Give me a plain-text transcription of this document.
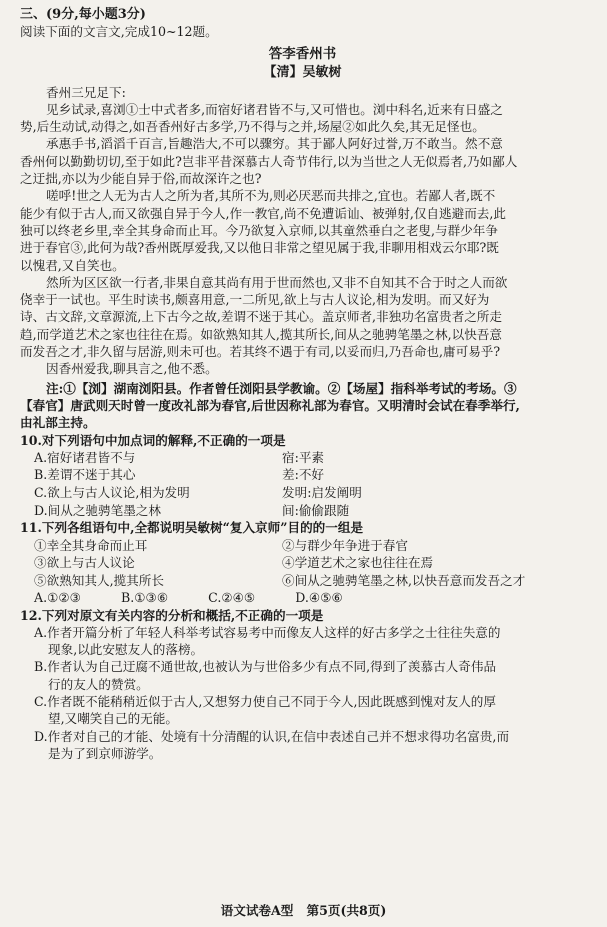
三、(9分,每小题3分)
阅读下面的文言文,完成10~12题。
答李香州书
【清】吴敏树
香州三兄足下:
见乡试录,喜浏①士中式者多,而宿好诸君皆不与,又可惜也。浏中科名,近来有日盛之
势,后生动试,动得之,如吾香州好古多学,乃不得与之并,场屋②如此久矣,其无足怪也。
承惠手书,滔滔千百言,旨趣浩大,不可以骤穷。其于鄙人阿好过誉,万不敢当。然不意
香州何以勤勤切切,至于如此?岂非平昔深慕古人奇节伟行,以为当世之人无似焉者,乃如鄙人
之迂拙,亦以为少能自异于俗,而故深许之也?
嗟呼!世之人无为古人之所为者,其所不为,则必厌恶而共排之,宜也。若鄙人者,既不
能少有似于古人,而又欲强自异于今人,作一教官,尚不免遭诟讪、被弹射,仅自逃避而去,此
独可以终老乡里,幸全其身命而止耳。今乃欲复入京师,以其童然垂白之老叟,与群少年争
进于春官③,此何为哉?香州既厚爱我,又以他日非常之望见属于我,非聊用相戏云尔耶?既
以愧君,又自笑也。
然所为区区欲一行者,非果自意其尚有用于世而然也,又非不自知其不合于时之人而欲
侥幸于一试也。平生时读书,颇喜用意,一二所见,欲上与古人议论,相为发明。而又好为
诗、古文辞,文章源流,上下古今之故,差谓不迷于其心。盖京师者,非独功名富贵者之所走
趋,而学道艺术之家也往往在焉。如欲熟知其人,揽其所长,间从之驰骋笔墨之林,以快吾意
而发吾之才,非久留与居游,则未可也。若其终不遇于有司,以妥而归,乃吾命也,庸可易乎?
因香州爱我,聊具言之,他不悉。
注:①【浏】湖南浏阳县。作者曾任浏阳县学教谕。②【场屋】指科举考试的考场。③
【春官】唐武则天时曾一度改礼部为春官,后世因称礼部为春官。又明清时会试在春季举行,
由礼部主持。
10.对下列语句中加点词的解释,不正确的一项是
A.宿好诸君皆不与	宿:平素
B.差谓不迷于其心	差:不好
C.欲上与古人议论,相为发明	发明:启发阐明
D.间从之驰骋笔墨之林	间:偷偷跟随
11.下列各组语句中,全都说明吴敏树“复入京师”目的的一组是
①幸全其身命而止耳	②与群少年争进于春官
③欲上与古人议论	④学道艺术之家也往往在焉
⑤欲熟知其人,揽其所长	⑥间从之驰骋笔墨之林,以快吾意而发吾之才
A.①②③          B.①③⑥          C.②④⑤          D.④⑤⑥
12.下列对原文有关内容的分析和概括,不正确的一项是
A.作者开篇分析了年轻人科举考试容易考中而像友人这样的好古多学之士往往失意的
现象,以此安慰友人的落榜。
B.作者认为自己迂腐不通世故,也被认为与世俗多少有点不同,得到了羡慕古人奇伟品
行的友人的赞赏。
C.作者既不能稍稍近似于古人,又想努力使自己不同于今人,因此既感到愧对友人的厚
望,又嘲笑自己的无能。
D.作者对自己的才能、处境有十分清醒的认识,在信中表述自己并不想求得功名富贵,而
是为了到京师游学。
语文试卷A型   第5页(共8页)
